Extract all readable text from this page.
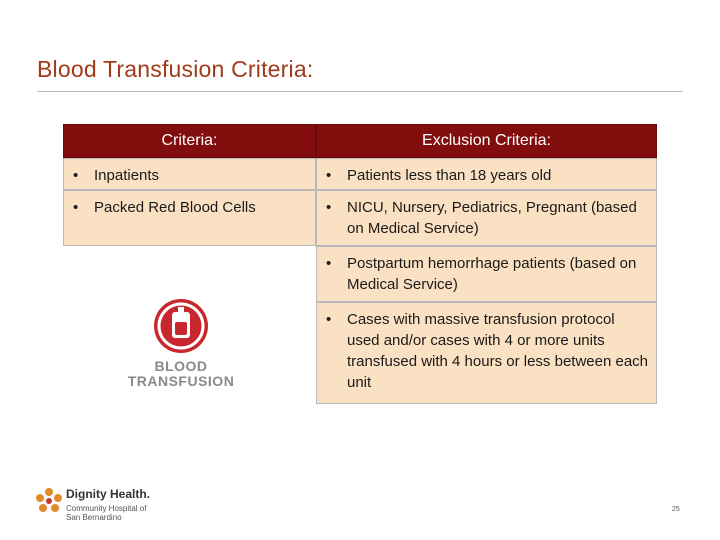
Blood Transfusion Criteria:
Criteria:	Exclusion Criteria:
• Inpatients
• Packed Red Blood Cells
• Patients less than 18 years old
• NICU, Nursery, Pediatrics, Pregnant (based on Medical Service)
• Postpartum hemorrhage patients (based on Medical Service)
• Cases with massive transfusion protocol used and/or cases with 4 or more units transfused with 4 hours or less between each unit
BLOOD
TRANSFUSION
Dignity Health.
Community Hospital of
San Bernardino
25
